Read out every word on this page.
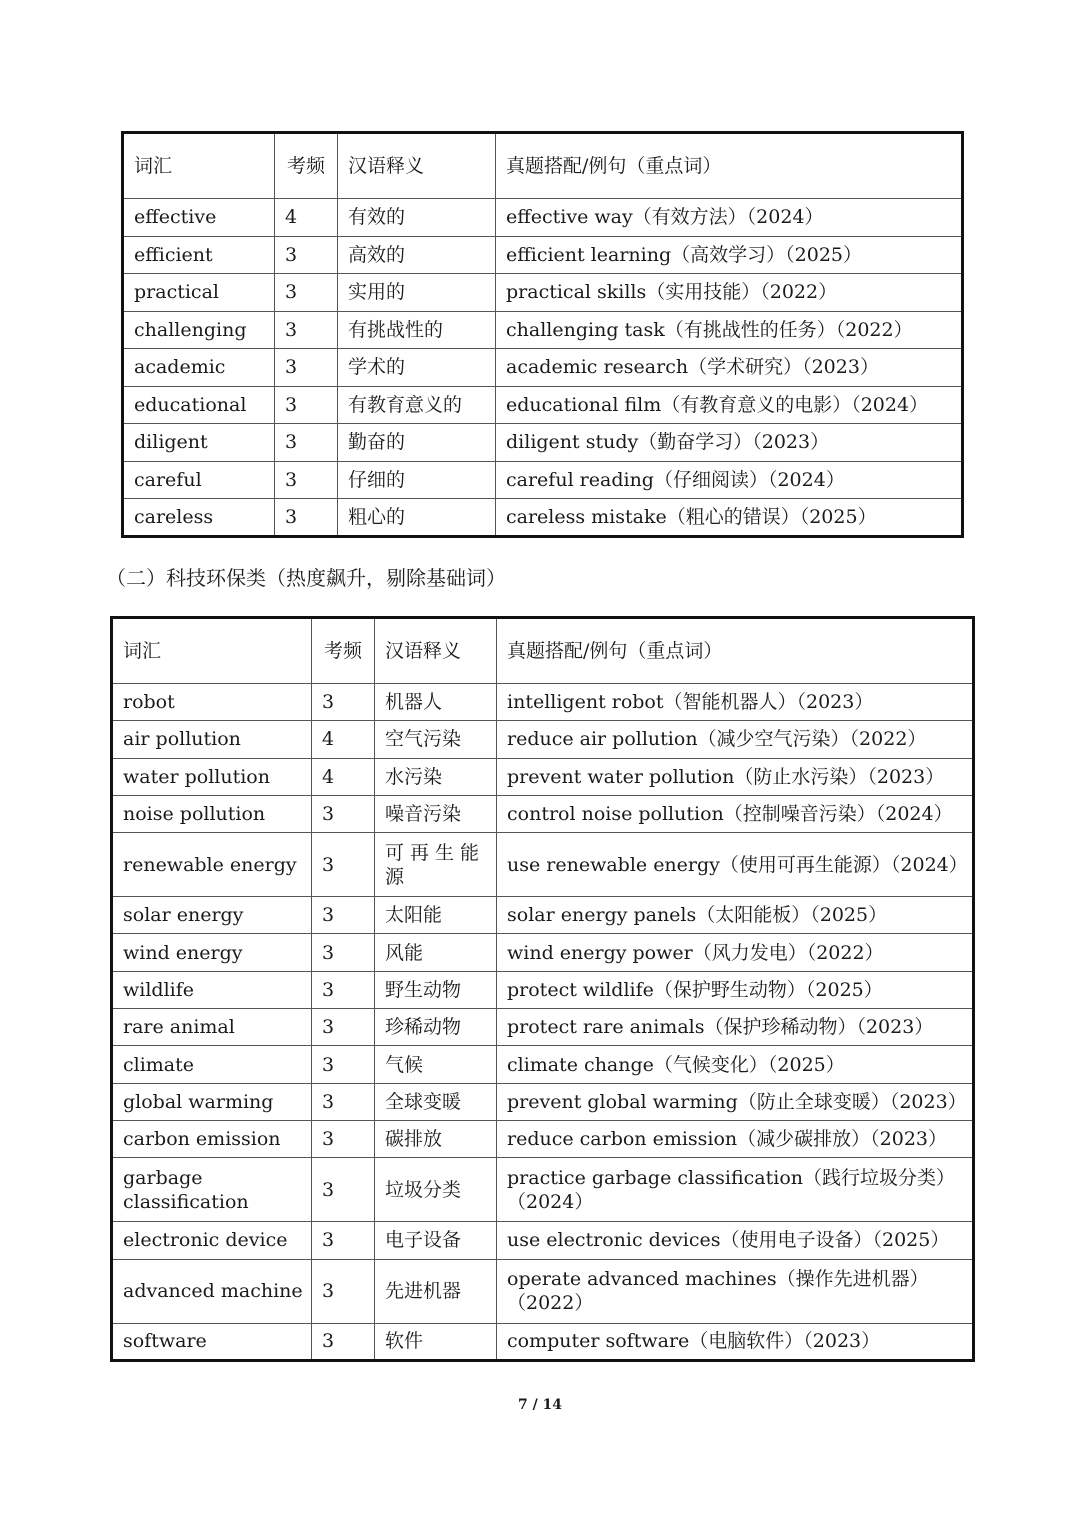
词汇	考频	汉语释义	真题搭配/例句（重点词）
effective	4	有效的	effective way（有效方法）（2024）
efficient	3	高效的	efficient learning（高效学习）（2025）
practical	3	实用的	practical skills（实用技能）（2022）
challenging	3	有挑战性的	challenging task（有挑战性的任务）（2022）
academic	3	学术的	academic research（学术研究）（2023）
educational	3	有教育意义的	educational film（有教育意义的电影）（2024）
diligent	3	勤奋的	diligent study（勤奋学习）（2023）
careful	3	仔细的	careful reading（仔细阅读）（2024）
careless	3	粗心的	careless mistake（粗心的错误）（2025）

（二）科技环保类（热度飙升，剔除基础词）

词汇	考频	汉语释义	真题搭配/例句（重点词）
robot	3	机器人	intelligent robot（智能机器人）（2023）
air pollution	4	空气污染	reduce air pollution（减少空气污染）（2022）
water pollution	4	水污染	prevent water pollution（防止水污染）（2023）
noise pollution	3	噪音污染	control noise pollution（控制噪音污染）（2024）
renewable energy	3	可再生能源	use renewable energy（使用可再生能源）（2024）
solar energy	3	太阳能	solar energy panels（太阳能板）（2025）
wind energy	3	风能	wind energy power（风力发电）（2022）
wildlife	3	野生动物	protect wildlife（保护野生动物）（2025）
rare animal	3	珍稀动物	protect rare animals（保护珍稀动物）（2023）
climate	3	气候	climate change（气候变化）（2025）
global warming	3	全球变暖	prevent global warming（防止全球变暖）（2023）
carbon emission	3	碳排放	reduce carbon emission（减少碳排放）（2023）
garbage classification	3	垃圾分类	practice garbage classification（践行垃圾分类）（2024）
electronic device	3	电子设备	use electronic devices（使用电子设备）（2025）
advanced machine	3	先进机器	operate advanced machines（操作先进机器）（2022）
software	3	软件	computer software（电脑软件）（2023）
7 / 14
